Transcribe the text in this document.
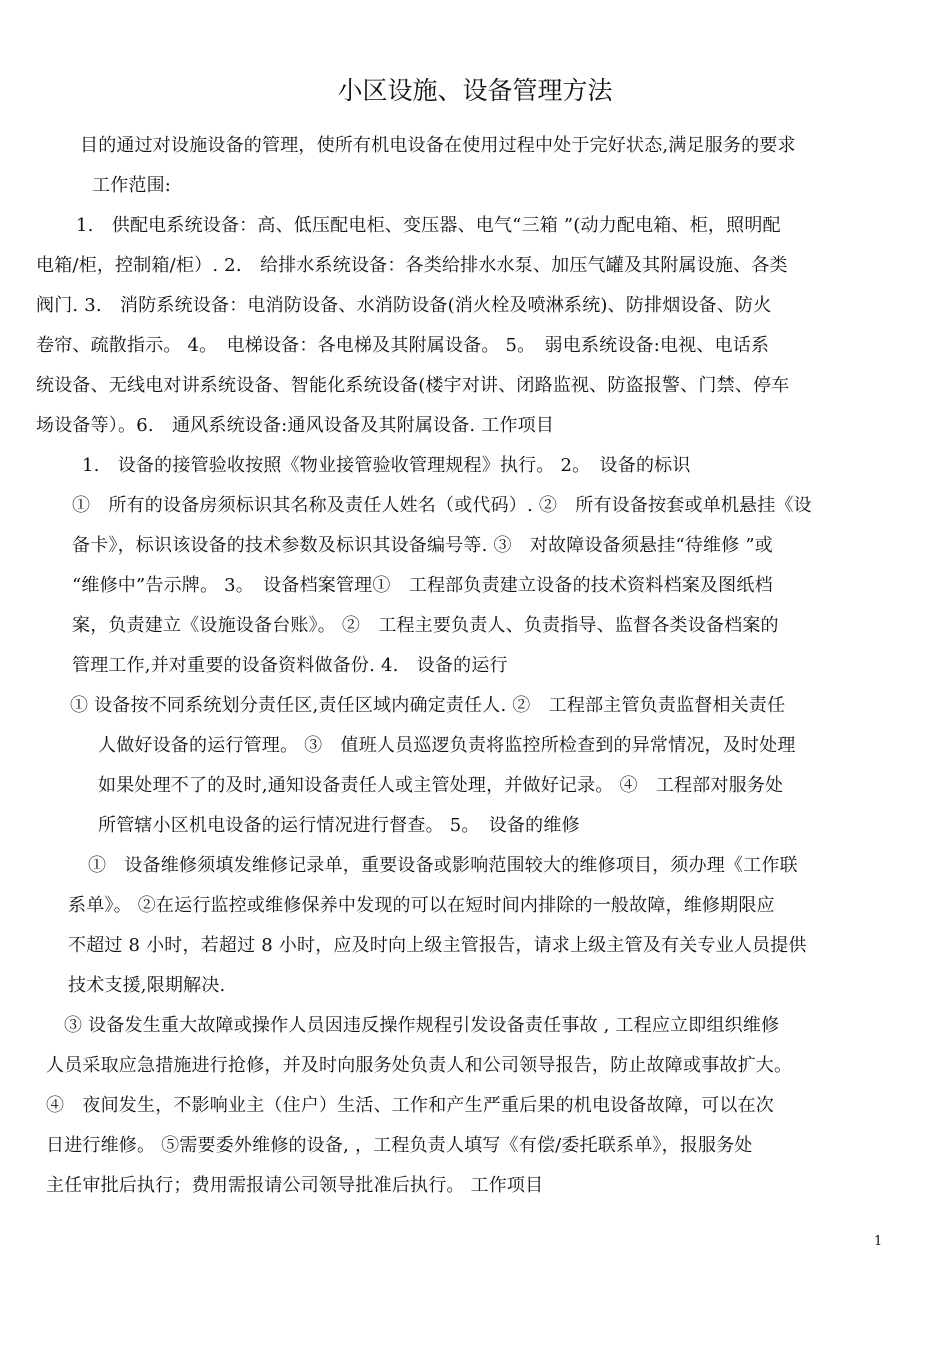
小区设施、设备管理方法
目的通过对设施设备的管理，使所有机电设备在使用过程中处于完好状态,满足服务的要求
工作范围:
1.　供配电系统设备：高、低压配电柜、变压器、电气“三箱 ”(动力配电箱、柜，照明配
电箱/柜，控制箱/柜）. 2.　给排水系统设备：各类给排水水泵、加压气罐及其附属设施、各类
阀门. 3.　消防系统设备：电消防设备、水消防设备(消火栓及喷淋系统)、防排烟设备、防火
卷帘、疏散指示。 4。　电梯设备：各电梯及其附属设备。 5。　弱电系统设备:电视、电话系
统设备、无线电对讲系统设备、智能化系统设备(楼宇对讲、闭路监视、防盗报警、门禁、停车
场设备等）。6.　通风系统设备:通风设备及其附属设备. 工作项目
1.　设备的接管验收按照《物业接管验收管理规程》执行。 2。　设备的标识
①　所有的设备房须标识其名称及责任人姓名（或代码）. ②　所有设备按套或单机悬挂《设
备卡》，标识该设备的技术参数及标识其设备编号等. ③　对故障设备须悬挂“待维修 ”或
“维修中”告示牌。 3。　设备档案管理①　工程部负责建立设备的技术资料档案及图纸档
案，负责建立《设施设备台账》。 ②　工程主要负责人、负责指导、监督各类设备档案的
管理工作,并对重要的设备资料做备份. 4.　设备的运行
① 设备按不同系统划分责任区,责任区域内确定责任人. ②　工程部主管负责监督相关责任
人做好设备的运行管理。 ③　值班人员巡逻负责将监控所检查到的异常情况，及时处理
如果处理不了的及时,通知设备责任人或主管处理，并做好记录。 ④　工程部对服务处
所管辖小区机电设备的运行情况进行督查。 5。　设备的维修
①　设备维修须填发维修记录单，重要设备或影响范围较大的维修项目，须办理《工作联
系单》。 ②在运行监控或维修保养中发现的可以在短时间内排除的一般故障，维修期限应
不超过 8 小时，若超过 8 小时，应及时向上级主管报告，请求上级主管及有关专业人员提供
技术支援,限期解决.
③ 设备发生重大故障或操作人员因违反操作规程引发设备责任事故 , 工程应立即组织维修
人员采取应急措施进行抢修，并及时向服务处负责人和公司领导报告，防止故障或事故扩大。
④　夜间发生，不影响业主（住户）生活、工作和产生严重后果的机电设备故障，可以在次
日进行维修。 ⑤需要委外维修的设备, ，工程负责人填写《有偿/委托联系单》，报服务处
主任审批后执行；费用需报请公司领导批准后执行。 工作项目
1
